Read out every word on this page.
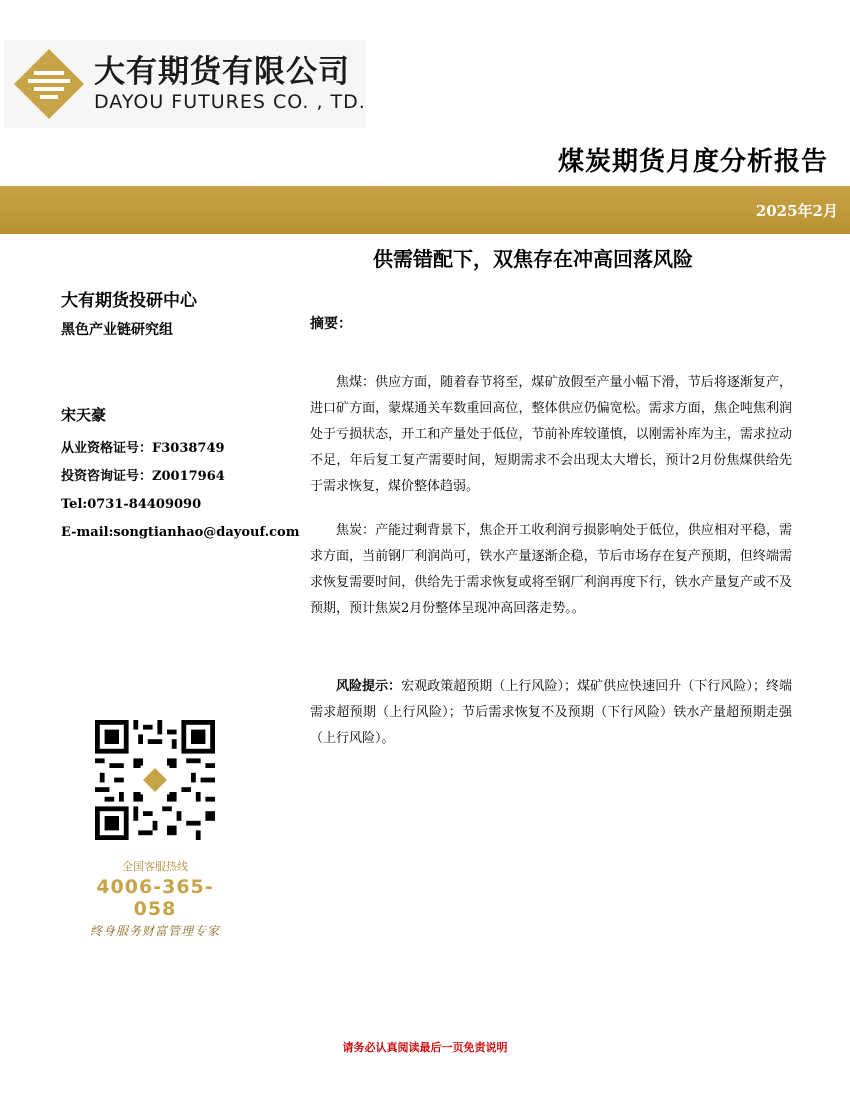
大有期货有限公司
DAYOU FUTURES CO. , TD.
煤炭期货月度分析报告
2025年2月
供需错配下，双焦存在冲高回落风险
大有期货投研中心
黑色产业链研究组
宋天豪
从业资格证号：F3038749
投资咨询证号：Z0017964
Tel:0731-84409090
E-mail:songtianhao@dayouf.com
摘要：

焦煤：供应方面，随着春节将至，煤矿放假至产量小幅下滑，节后将逐渐复产，进口矿方面，蒙煤通关车数重回高位，整体供应仍偏宽松。需求方面，焦企吨焦利润处于亏损状态，开工和产量处于低位，节前补库较谨慎，以刚需补库为主，需求拉动不足，年后复工复产需要时间，短期需求不会出现太大增长，预计2月份焦煤供给先于需求恢复，煤价整体趋弱。

焦炭：产能过剩背景下，焦企开工收利润亏损影响处于低位，供应相对平稳，需求方面，当前钢厂利润尚可，铁水产量逐渐企稳，节后市场存在复产预期，但终端需求恢复需要时间，供给先于需求恢复或将至钢厂利润再度下行，铁水产量复产或不及预期，预计焦炭2月份整体呈现冲高回落走势。。

风险提示：宏观政策超预期（上行风险）；煤矿供应快速回升（下行风险）；终端需求超预期（上行风险）；节后需求恢复不及预期（下行风险）铁水产量超预期走强（上行风险）。

全国客服热线
4006-365-058
终身服务财富管理专家
请务必认真阅读最后一页免责说明
